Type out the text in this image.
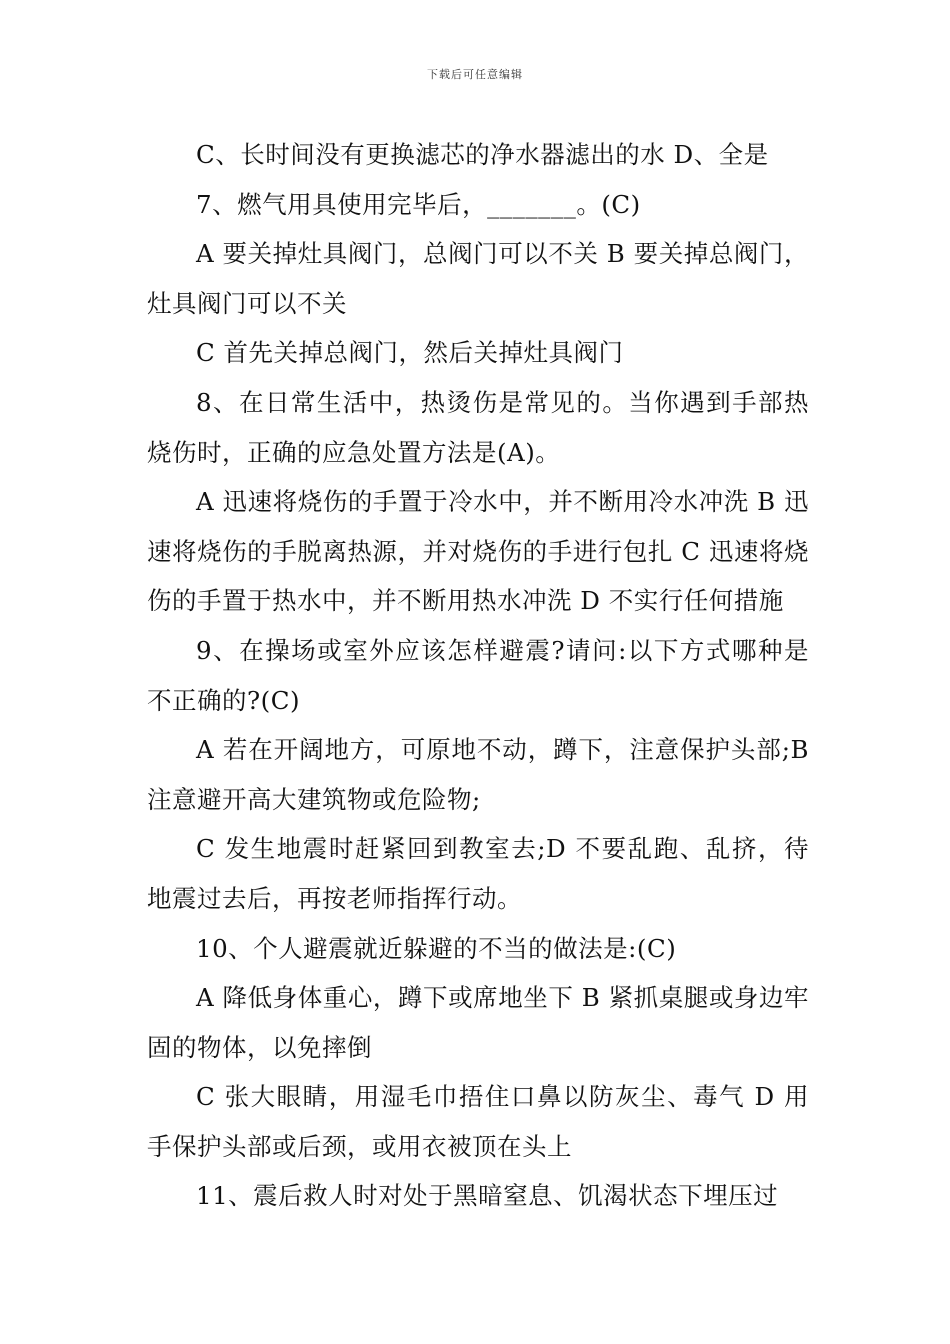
下载后可任意编辑

C、长时间没有更换滤芯的净水器滤出的水 D、全是

7、燃气用具使用完毕后，_______。(C)

A 要关掉灶具阀门，总阀门可以不关 B 要关掉总阀门，灶具阀门可以不关

C 首先关掉总阀门，然后关掉灶具阀门

8、在日常生活中，热烫伤是常见的。当你遇到手部热烧伤时，正确的应急处置方法是(A)。

A 迅速将烧伤的手置于冷水中，并不断用冷水冲洗 B 迅速将烧伤的手脱离热源，并对烧伤的手进行包扎 C 迅速将烧伤的手置于热水中，并不断用热水冲洗 D 不实行任何措施

9、在操场或室外应该怎样避震?请问:以下方式哪种是不正确的?(C)

A 若在开阔地方，可原地不动，蹲下，注意保护头部;B 注意避开高大建筑物或危险物;

C 发生地震时赶紧回到教室去;D 不要乱跑、乱挤，待地震过去后，再按老师指挥行动。

10、个人避震就近躲避的不当的做法是:(C)

A 降低身体重心，蹲下或席地坐下 B 紧抓桌腿或身边牢固的物体，以免摔倒

C 张大眼睛，用湿毛巾捂住口鼻以防灰尘、毒气 D 用手保护头部或后颈，或用衣被顶在头上

11、震后救人时对处于黑暗窒息、饥渴状态下埋压过
